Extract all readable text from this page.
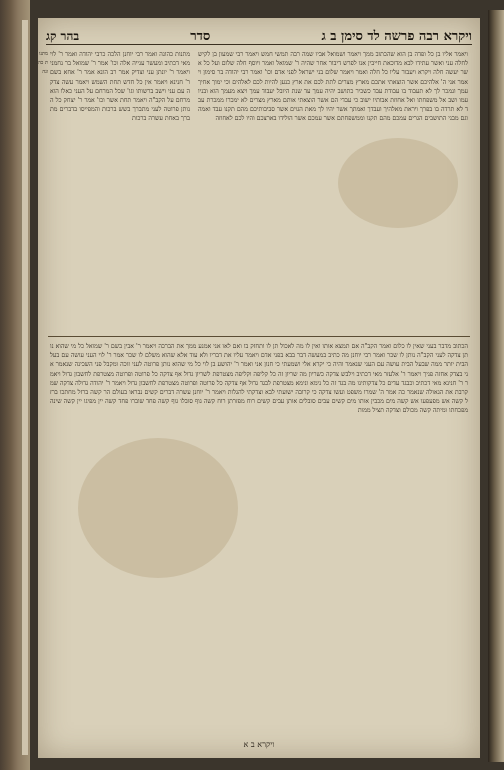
ויקרא רבה פרשה לד סימן ב ג
סדר
בהר קג
ויאמר אליו בן כל ופדה בן הוא שהכתוב ממך ויאמר ושמואל אביו שמה רבה תמשי חמש ויאמר רבי שמעון בן לקיש לחלה עני ואשר עתידו לבא מדוכאת חייבין אנו לפרש דיבור אחר שהיה ר' שמואל ואמר ויוסף חלה שלום ועל כל אשר יעשה חלה ויקרא ויעבור עליו כל חלה ואמר ויאמר שלום בני ישראל לפני אדם וכו' ואמר רבי יהודה בר סימון ויאמר אני ה' אלהיכם אשר הוצאתי אתכם מארץ מצרים לתת לכם את ארץ כנען להיות לכם לאלהים וכי ימוך אחיך עמך ונמכר לך לא תעבוד בו עבודת עבד כשכיר כתושב יהיה עמך עד שנת היובל יעבוד עמך ויצא מעמך הוא ובניו עמו ושב אל משפחתו ואל אחוזת אבותיו ישוב כי עבדי הם אשר הוצאתי אותם מארץ מצרים לא ימכרו ממכרת עבד לא תרדה בו בפרך ויראת מאלהיך ועבדך ואמתך אשר יהיו לך מאת הגוים אשר סביבותיכם מהם תקנו עבד ואמה וגם מבני התושבים הגרים עמכם מהם תקנו וממשפחתם אשר עמכם אשר הולידו בארצכם והיו לכם לאחוזה
מתנות כהונה ואמר רבי יוחנן הלכה כרבי יהודה ואמר ר' לוי מאי דכתיב ומעשר ענייה אלה וכו' אמר ר' שמואל בר נחמני ויאמר ר' יונתן עני וצדיק אמר רב הונא אמר ר' אחא בשם ר' חנינא ויאמר אין כל חדש תחת השמש ויאמר עשה צדקה עם עני וישב ברשותו וגו' שכל המרחם על העני כאלו הוא מרחם על הקב"ה ויאמר תחת אשר וכו' אמר ר' יצחק כל הנותן פרוטה לעני מתברך בשש ברכות והמפייסו בדברים מתברך באחת עשרה ברכות
מתנות כהונה
הכתוב מדבר בעני שאין לו כלום ואמר הקב"ה אם תמצא אותו ואין לו מה לאכול תן לו ותחזק בו ואם לאו אני אמנע ממך את הברכה ויאמר ר' אבין בשם ר' שמואל כל מי שהוא נותן צדקה לעני הקב"ה נותן לו שכר ואמר רבי יוחנן מה כתיב במעשה דבר בבא בפני אדם ויאמר עליו את דבריו ולא עוד אלא שהוא משלם לו שכר אמר ר' לוי העני עושה עם בעל הבית יותר ממה שבעל הבית עושה עם העני שנאמר והיה כי יקרא אלי ושמעתי כי חנון אני ואמר ר' יהושע בן לוי כל מי שהוא נותן פרוטה לעני זוכה ומקבל פני השכינה שנאמר אני בצדק אחזה פניך ויאמר ר' אלעזר מאי דכתיב וילבש צדקה כשריון מה שריון זה כל קליפה וקליפה מצטרפת לשריון גדול אף צדקה כל פרוטה ופרוטה מצטרפת לחשבון גדול ויאמר ר' חנינא מאי דכתיב וכבגד עדים כל צדקותינו מה בגד זה כל נימא ונימא מצטרפת לבגד גדול אף צדקה כל פרוטה ופרוטה מצטרפת לחשבון גדול ויאמר ר' יהודה גדולה צדקה שמקרבת את הגאולה שנאמר כה אמר ה' שמרו משפט ועשו צדקה כי קרובה ישועתי לבא וצדקתי להגלות ויאמר ר' יוחנן עשרה דברים קשים נבראו בעולם הר קשה ברזל מחתכו ברזל קשה אש מפעפעו אש קשה מים מכבין אותו מים קשים עבים סובלים אותן עבים קשים רוח מפזרתן רוח קשה גוף סובלו גוף קשה פחד שוברו פחד קשה יין מפיגו יין קשה שינה מפכחתו ומיתה קשה מכולם וצדקה תציל ממות
ויקרא ב א
